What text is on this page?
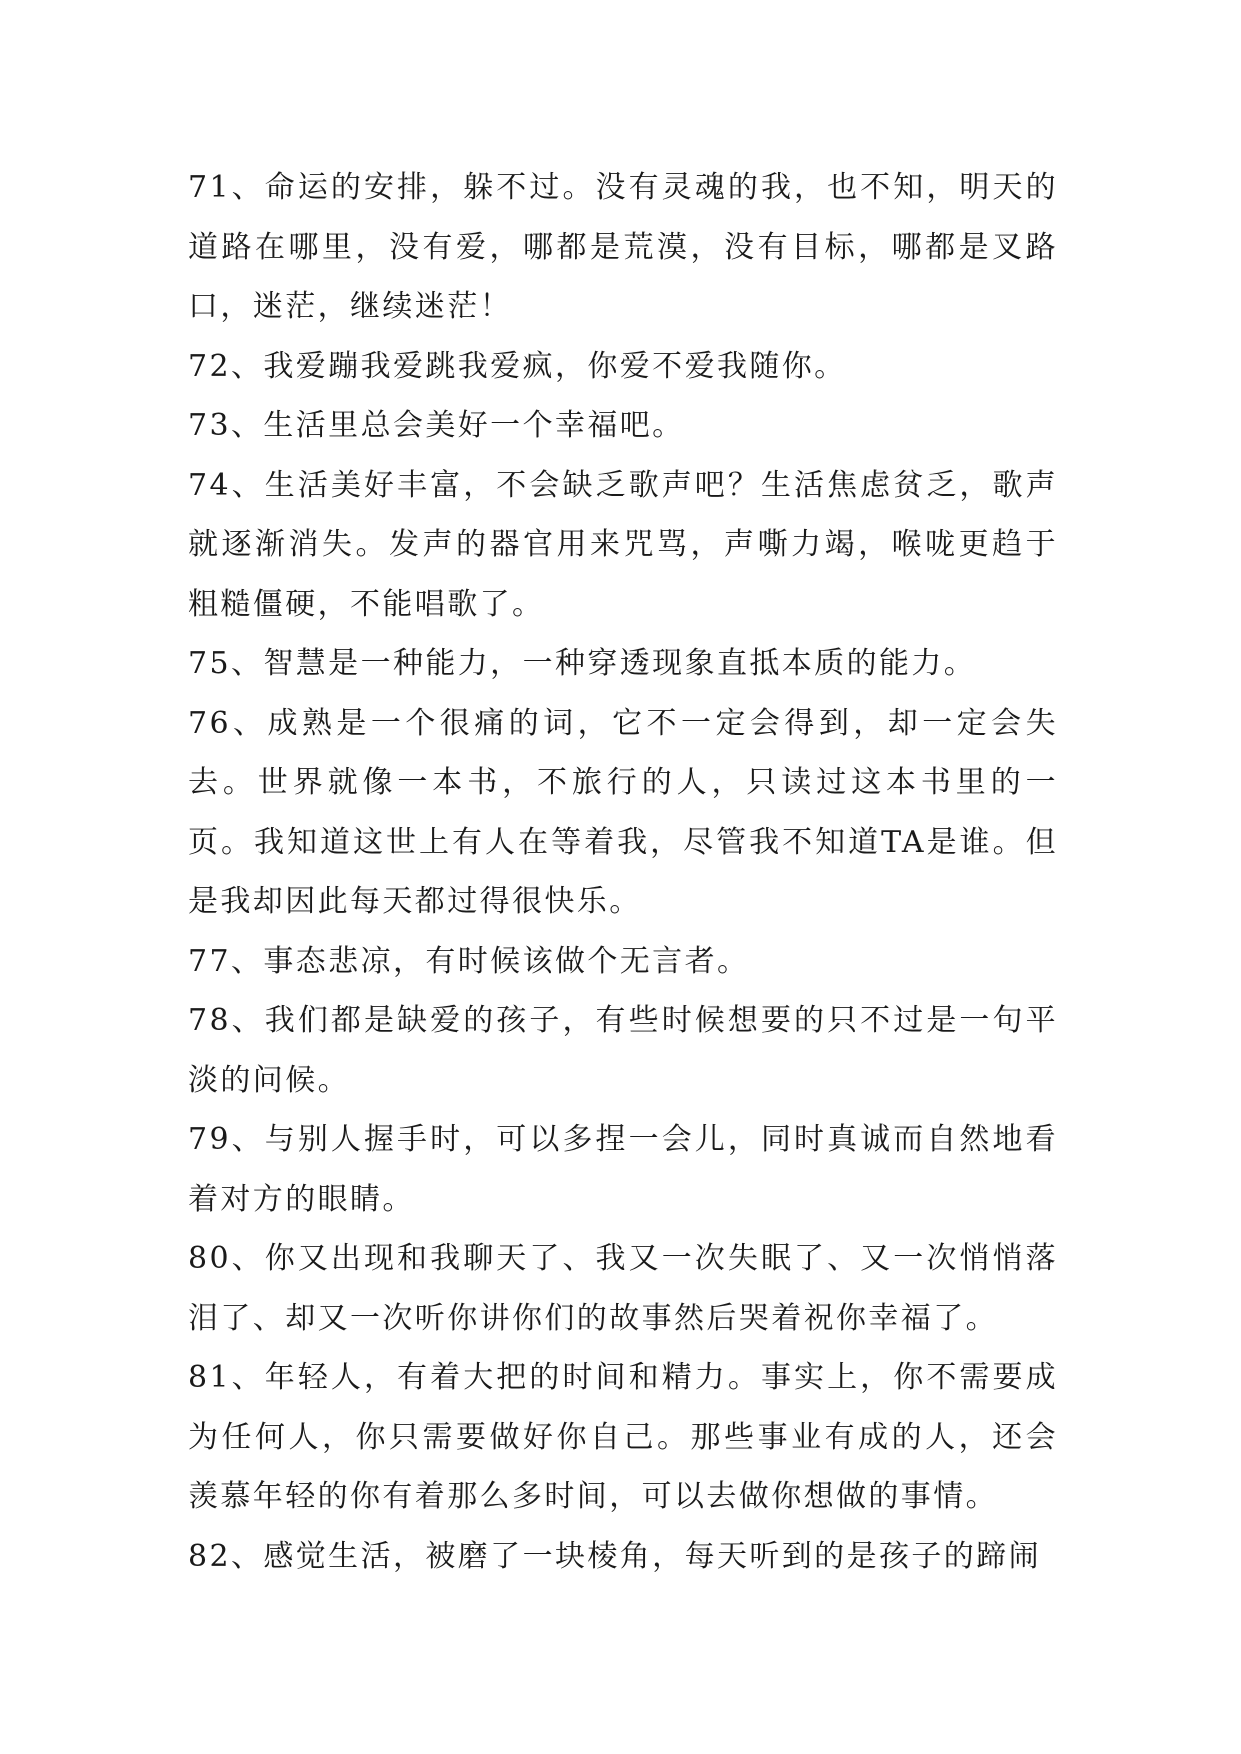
71、命运的安排，躲不过。没有灵魂的我，也不知，明天的道路在哪里，没有爱，哪都是荒漠，没有目标，哪都是叉路口，迷茫，继续迷茫！

72、我爱蹦我爱跳我爱疯，你爱不爱我随你。

73、生活里总会美好一个幸福吧。

74、生活美好丰富，不会缺乏歌声吧？生活焦虑贫乏，歌声就逐渐消失。发声的器官用来咒骂，声嘶力竭，喉咙更趋于粗糙僵硬，不能唱歌了。

75、智慧是一种能力，一种穿透现象直抵本质的能力。

76、成熟是一个很痛的词，它不一定会得到，却一定会失去。世界就像一本书，不旅行的人，只读过这本书里的一页。我知道这世上有人在等着我，尽管我不知道TA是谁。但是我却因此每天都过得很快乐。

77、事态悲凉，有时候该做个无言者。

78、我们都是缺爱的孩子，有些时候想要的只不过是一句平淡的问候。

79、与别人握手时，可以多捏一会儿，同时真诚而自然地看着对方的眼睛。

80、你又出现和我聊天了、我又一次失眠了、又一次悄悄落泪了、却又一次听你讲你们的故事然后哭着祝你幸福了。

81、年轻人，有着大把的时间和精力。事实上，你不需要成为任何人，你只需要做好你自己。那些事业有成的人，还会羡慕年轻的你有着那么多时间，可以去做你想做的事情。

82、感觉生活，被磨了一块棱角，每天听到的是孩子的蹄闹
